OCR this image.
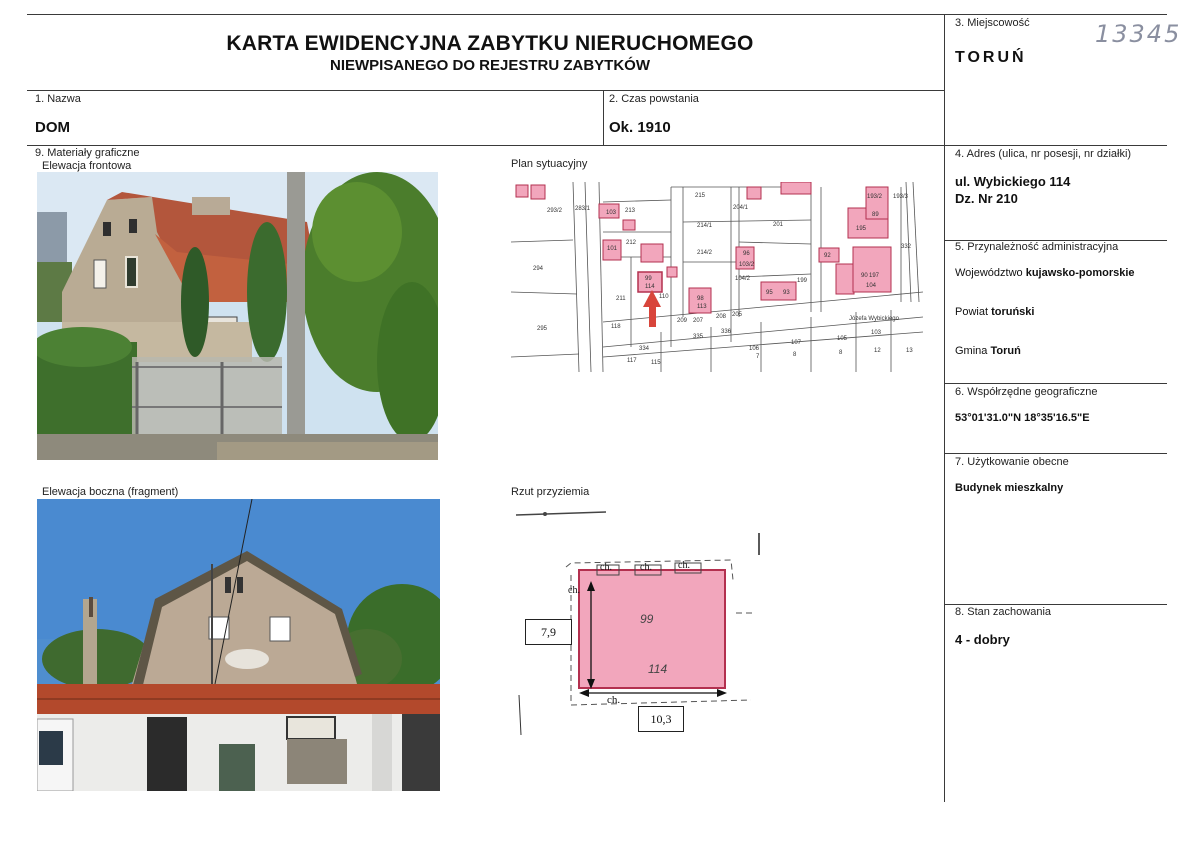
KARTA EWIDENCYJNA ZABYTKU NIERUCHOMEGO
NIEWPISANEGO DO REJESTRU ZABYTKÓW
13345
3. Miejscowość
TORUŃ
1. Nazwa
DOM
2. Czas powstania
Ok. 1910
9. Materiały graficzne
Elewacja frontowa	Plan sytuacyjny
Elewacja boczna (fragment)	Rzut przyziemia
4. Adres (ulica, nr posesji, nr działki)
ul. Wybickiego 114
Dz. Nr 210
5. Przynależność administracyjna
Województwo kujawsko-pomorskie
Powiat toruński
Gmina Toruń
6. Współrzędne geograficzne
53°01'31.0"N 18°35'16.5"E
7. Użytkowanie obecne
Budynek mieszkalny
8. Stan zachowania
4 - dobry
293/2 283/1	213
212
211
118
294
295
215
214/1
214/2
204/1
201
199
334
335
336
117 115
209 207
208 205
106
107
105
103
13
12
8
8
7
332
104/2
193/2 193/3
Józefa Wybickiego
99
114
101
103
110	98
113
96
103/2
95 93
92
195
89
90 197
104
ch.	ch.	ch.
ch.
ch.
99
114
7,9
10,3
